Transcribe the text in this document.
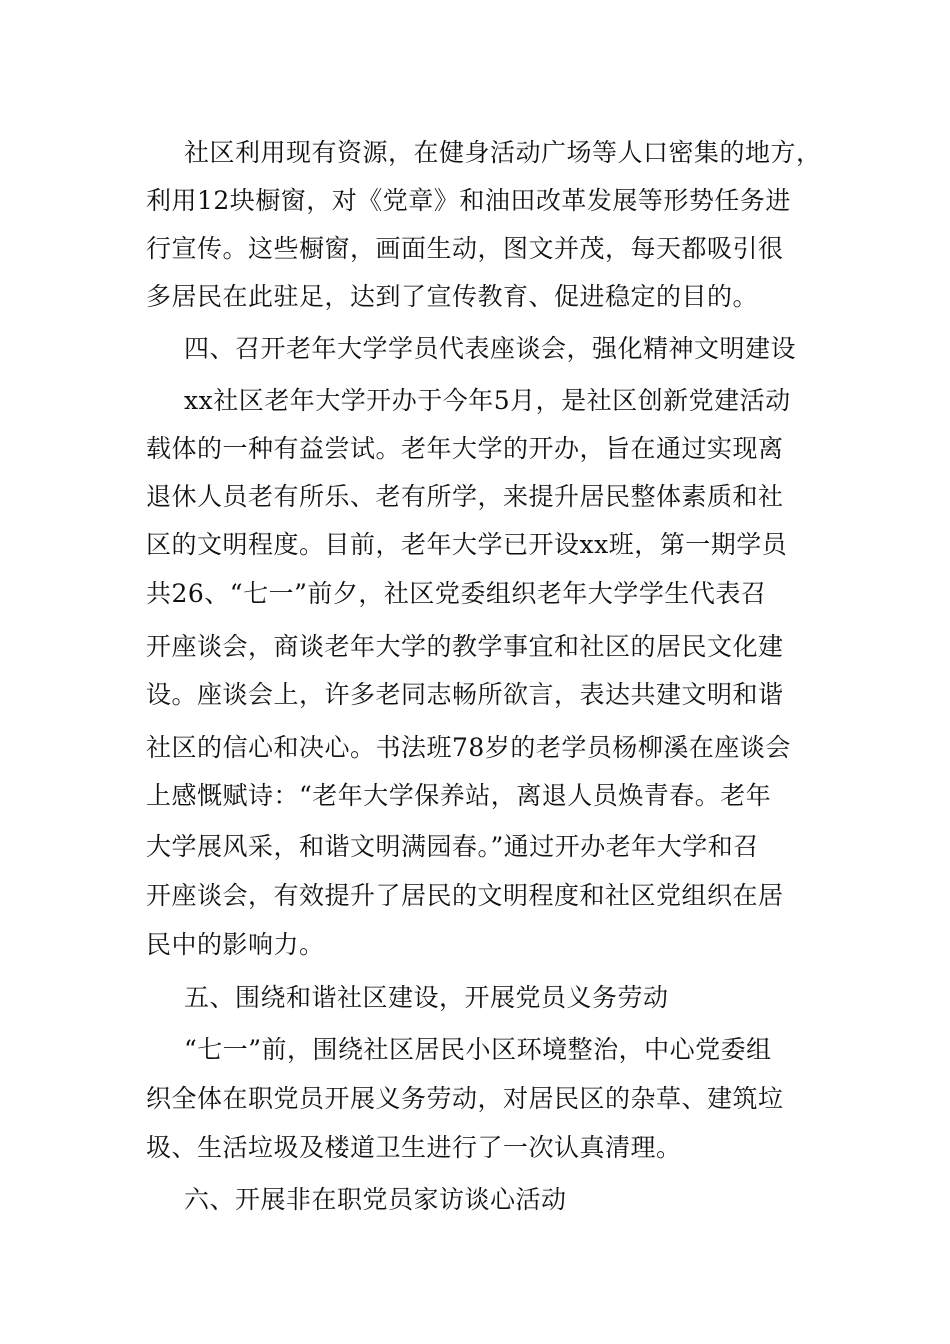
社区利用现有资源，在健身活动广场等人口密集的地方，
利用12块橱窗，对《党章》和油田改革发展等形势任务进
行宣传。这些橱窗，画面生动，图文并茂，每天都吸引很
多居民在此驻足，达到了宣传教育、促进稳定的目的。
四、召开老年大学学员代表座谈会，强化精神文明建设
xx社区老年大学开办于今年5月，是社区创新党建活动
载体的一种有益尝试。老年大学的开办，旨在通过实现离
退休人员老有所乐、老有所学，来提升居民整体素质和社
区的文明程度。目前，老年大学已开设xx班，第一期学员
共26、“七一”前夕，社区党委组织老年大学学生代表召
开座谈会，商谈老年大学的教学事宜和社区的居民文化建
设。座谈会上，许多老同志畅所欲言，表达共建文明和谐
社区的信心和决心。书法班78岁的老学员杨柳溪在座谈会
上感慨赋诗：“老年大学保养站，离退人员焕青春。老年
大学展风采，和谐文明满园春。”通过开办老年大学和召
开座谈会，有效提升了居民的文明程度和社区党组织在居
民中的影响力。
五、围绕和谐社区建设，开展党员义务劳动
“七一”前，围绕社区居民小区环境整治，中心党委组
织全体在职党员开展义务劳动，对居民区的杂草、建筑垃
圾、生活垃圾及楼道卫生进行了一次认真清理。
六、开展非在职党员家访谈心活动
